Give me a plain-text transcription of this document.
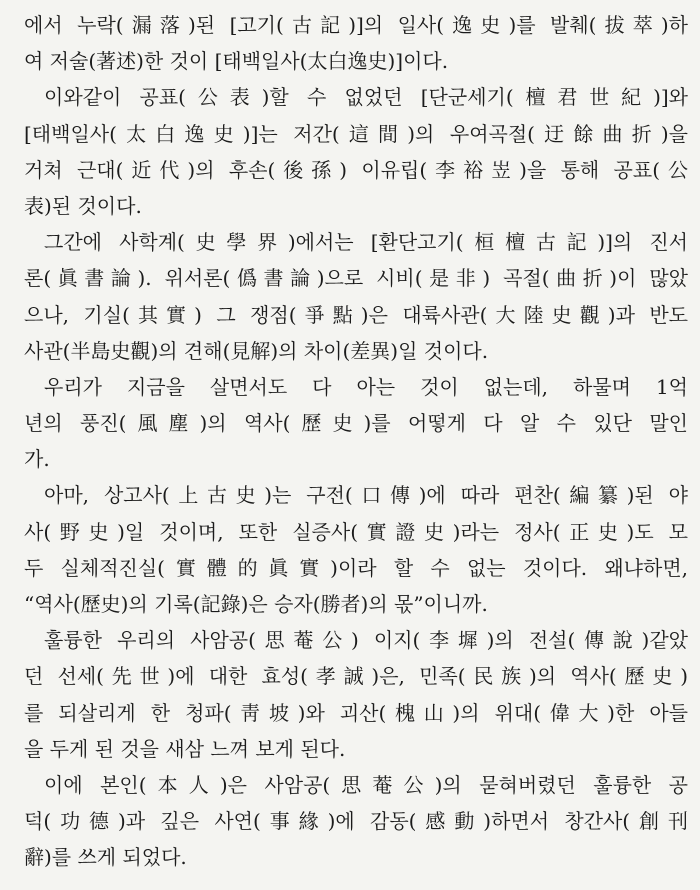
에서 누락(漏落)된 [고기(古記)]의 일사(逸史)를 발췌(拔萃)하
여 저술(著述)한 것이 [태백일사(太白逸史)]이다.
이와같이 공표(公表)할 수 없었던 [단군세기(檀君世紀)]와
[태백일사(太白逸史)]는 저간(這間)의 우여곡절(迂餘曲折)을
거쳐 근대(近代)의 후손(後孫) 이유립(李裕岦)을 통해 공표(公
表)된 것이다.
그간에 사학계(史學界)에서는 [환단고기(桓檀古記)]의 진서
론(眞書論). 위서론(僞書論)으로 시비(是非) 곡절(曲折)이 많았
으나, 기실(其實) 그 쟁점(爭點)은 대륙사관(大陸史觀)과 반도
사관(半島史觀)의 견해(見解)의 차이(差異)일 것이다.
우리가 지금을 살면서도 다 아는 것이 없는데, 하물며 1억
년의 풍진(風塵)의 역사(歷史)를 어떻게 다 알 수 있단 말인
가.
아마, 상고사(上古史)는 구전(口傳)에 따라 편찬(編纂)된 야
사(野史)일 것이며, 또한 실증사(實證史)라는 정사(正史)도 모
두 실체적진실(實體的眞實)이라 할 수 없는 것이다. 왜냐하면,
“역사(歷史)의 기록(記錄)은 승자(勝者)의 몫”이니까.
훌륭한 우리의 사암공(思菴公) 이지(李墀)의 전설(傳說)같았
던 선세(先世)에 대한 효성(孝誠)은, 민족(民族)의 역사(歷史)
를 되살리게 한 청파(靑坡)와 괴산(槐山)의 위대(偉大)한 아들
을 두게 된 것을 새삼 느껴 보게 된다.
이에 본인(本人)은 사암공(思菴公)의 묻혀버렸던 훌륭한 공
덕(功德)과 깊은 사연(事緣)에 감동(感動)하면서 창간사(創刊
辭)를 쓰게 되었다.
